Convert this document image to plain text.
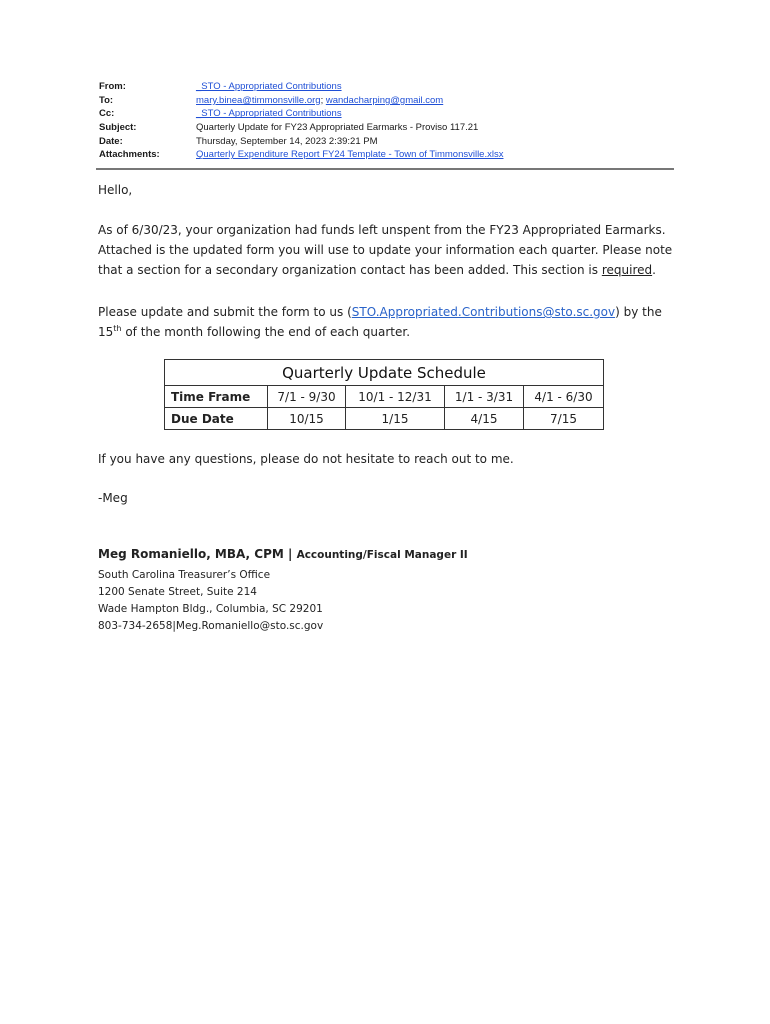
From:	_STO - Appropriated Contributions
To:	mary.binea@timmonsville.org; wandacharping@gmail.com
Cc:	_STO - Appropriated Contributions
Subject:	Quarterly Update for FY23 Appropriated Earmarks - Proviso 117.21
Date:	Thursday, September 14, 2023 2:39:21 PM
Attachments:	Quarterly Expenditure Report FY24 Template - Town of Timmonsville.xlsx

Hello,

As of 6/30/23, your organization had funds left unspent from the FY23 Appropriated Earmarks. Attached is the updated form you will use to update your information each quarter. Please note that a section for a secondary organization contact has been added. This section is required.

Please update and submit the form to us (STO.Appropriated.Contributions@sto.sc.gov) by the 15th of the month following the end of each quarter.

Quarterly Update Schedule				
Time Frame	7/1 - 9/30	10/1 - 12/31	1/1 - 3/31	4/1 - 6/30
Due Date	10/15	1/15	4/15	7/15

If you have any questions, please do not hesitate to reach out to me.

-Meg

Meg Romaniello, MBA, CPM | Accounting/Fiscal Manager II
South Carolina Treasurer’s Office
1200 Senate Street, Suite 214
Wade Hampton Bldg., Columbia, SC 29201
803-734-2658|Meg.Romaniello@sto.sc.gov
